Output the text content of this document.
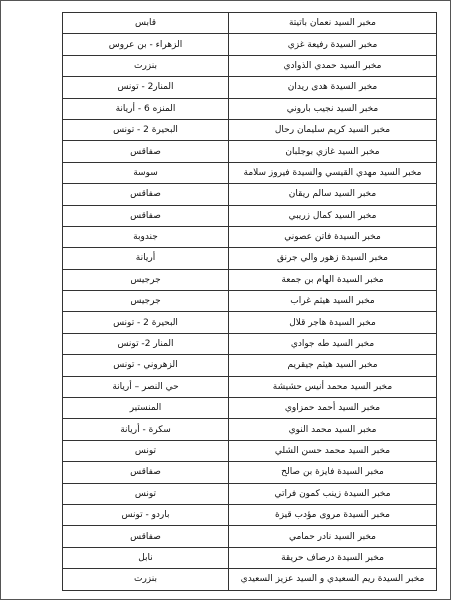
مخبر السيد نعمان باتيتة	قابس
مخبر السيدة رفيعة غزي	الزهراء - بن عروس
مخبر السيد حمدي الذوادي	بنزرت
مخبر السيدة هدى ريدان	المنار2 - تونس
مخبر السيد نجيب باروني	المنزه 6 - أريانة
مخبر السيد كريم سليمان رحال	البحيرة 2 - تونس
مخبر السيد غازي بوجلبان	صفاقس
مخبر السيد مهدي القيسي والسيدة فيروز سلامة	سوسة
مخبر السيد سالم ريقان	صفاقس
مخبر السيد كمال زريبي	صفاقس
مخبر السيدة فاتن عصوني	جندوبة
مخبر السيدة زهور والي جرنق	أريانة
مخبر السيدة الهام بن جمعة	جرجيس
مخبر السيد هيثم غراب	جرجيس
مخبر السيدة هاجر قلال	البحيرة 2 - تونس
مخبر السيد طه جوادي	المنار 2- تونس
مخبر السيد هيثم جيقريم	الزهروني - تونس
مخبر السيد محمد أنيس حشيشة	حي النصر – أريانة
مخبر السيد أحمد حمزاوي	المنستير
مخبر السيد محمد النوي	سكرة - أريانة
مخبر السيد محمد حسن الشلي	تونس
مخبر السيدة فايزة بن صالح	صفاقس
مخبر السيدة زينب كمون فراتي	تونس
مخبر السيدة مروى مؤدب قيزة	باردو - تونس
مخبر السيد نادر حمامي	صفاقس
مخبر السيدة درصاف حريقة	نابل
مخبر السيدة ريم السعيدي و السيد عزيز السعيدي	بنزرت
